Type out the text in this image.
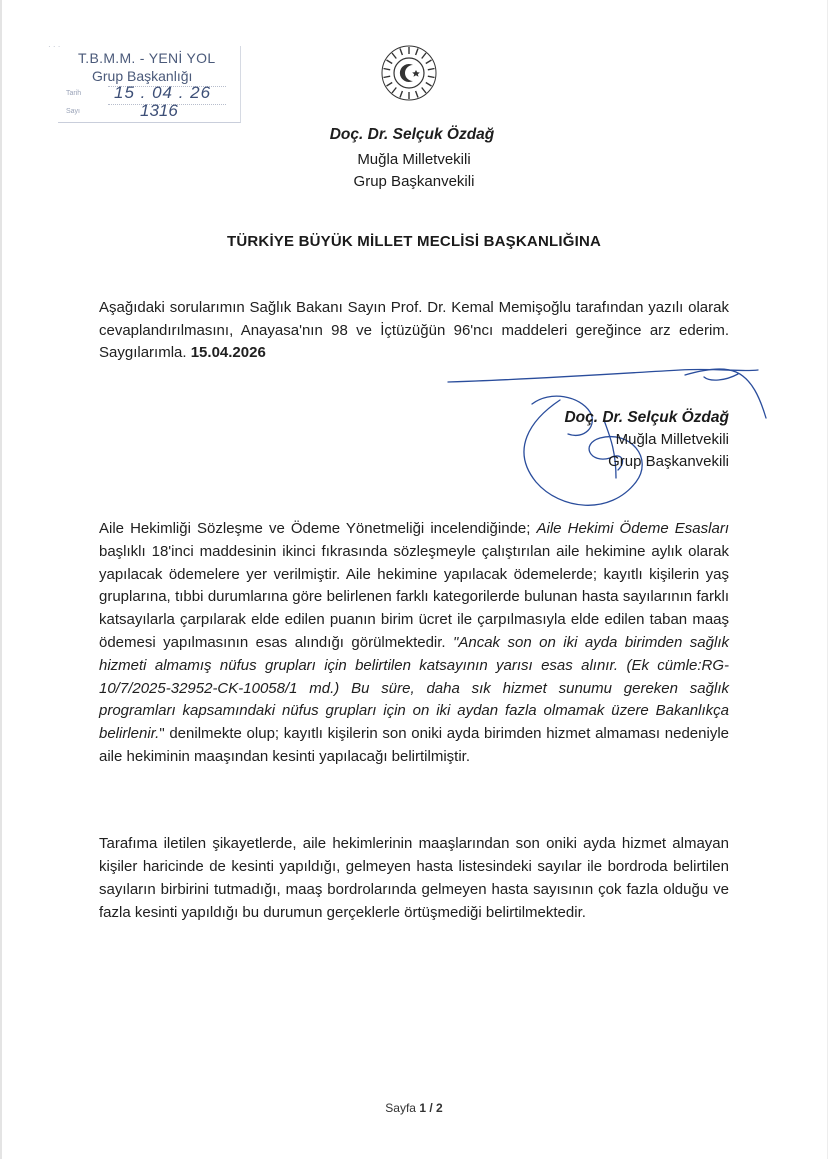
· · ·
T.B.M.M. - YENİ YOL
Grup Başkanlığı
Tarih 15 . 04 . 26
Sayı	1316
Doç. Dr. Selçuk Özdağ
Muğla Milletvekili
Grup Başkanvekili
TÜRKİYE BÜYÜK MİLLET MECLİSİ BAŞKANLIĞINA
Aşağıdaki sorularımın Sağlık Bakanı Sayın Prof. Dr. Kemal Memişoğlu tarafından yazılı olarak cevaplandırılmasını, Anayasa'nın 98 ve İçtüzüğün 96'ncı maddeleri gereğince arz ederim. Saygılarımla. 15.04.2026
Doç. Dr. Selçuk Özdağ
Muğla Milletvekili
Grup Başkanvekili
Aile Hekimliği Sözleşme ve Ödeme Yönetmeliği incelendiğinde; Aile Hekimi Ödeme Esasları başlıklı 18'inci maddesinin ikinci fıkrasında sözleşmeyle çalıştırılan aile hekimine aylık olarak yapılacak ödemelere yer verilmiştir. Aile hekimine yapılacak ödemelerde; kayıtlı kişilerin yaş gruplarına, tıbbi durumlarına göre belirlenen farklı kategorilerde bulunan hasta sayılarının farklı katsayılarla çarpılarak elde edilen puanın birim ücret ile çarpılmasıyla elde edilen taban maaş ödemesi yapılmasının esas alındığı görülmektedir. "Ancak son on iki ayda birimden sağlık hizmeti almamış nüfus grupları için belirtilen katsayının yarısı esas alınır. (Ek cümle:RG-10/7/2025-32952-CK-10058/1 md.) Bu süre, daha sık hizmet sunumu gereken sağlık programları kapsamındaki nüfus grupları için on iki aydan fazla olmamak üzere Bakanlıkça belirlenir." denilmekte olup; kayıtlı kişilerin son oniki ayda birimden hizmet almaması nedeniyle aile hekiminin maaşından kesinti yapılacağı belirtilmiştir.
Tarafıma iletilen şikayetlerde, aile hekimlerinin maaşlarından son oniki ayda hizmet almayan kişiler haricinde de kesinti yapıldığı, gelmeyen hasta listesindeki sayılar ile bordroda belirtilen sayıların birbirini tutmadığı, maaş bordrolarında gelmeyen hasta sayısının çok fazla olduğu ve fazla kesinti yapıldığı bu durumun gerçeklerle örtüşmediği belirtilmektedir.
Sayfa 1 / 2
